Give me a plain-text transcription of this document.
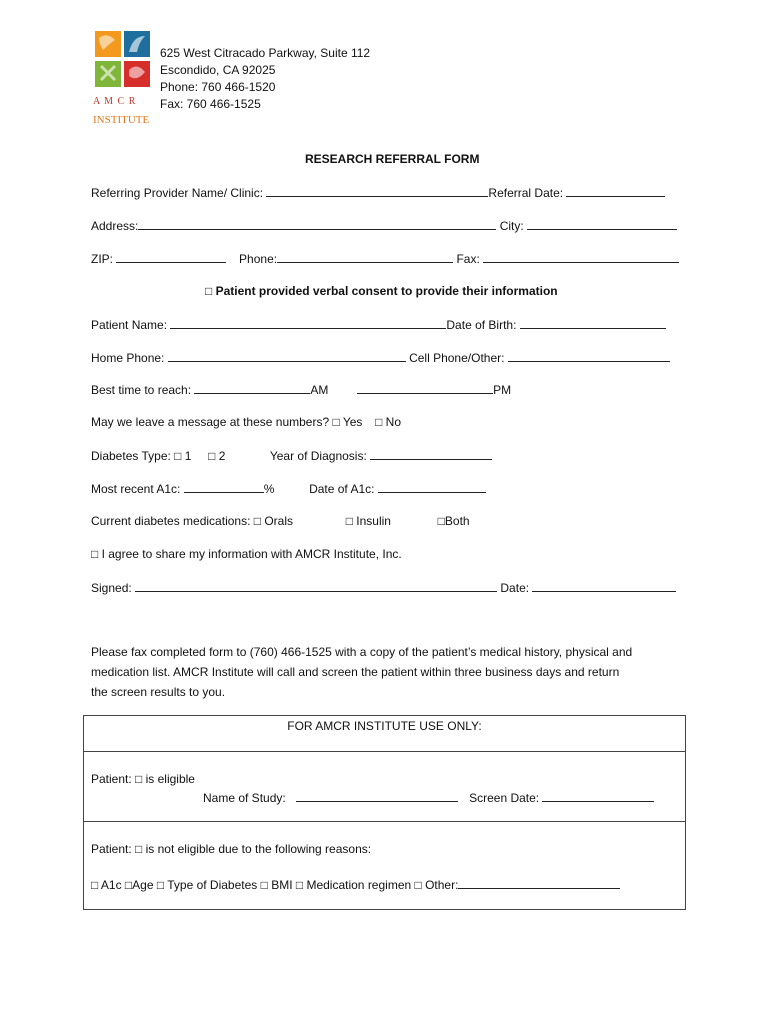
A M C R
INSTITUTE
625 West Citracado Parkway, Suite 112
Escondido, CA 92025
Phone: 760 466-1520
Fax: 760 466-1525
RESEARCH REFERRAL FORM
Referring Provider Name/ Clinic:	Referral Date:
Address:	City:
ZIP:	Phone:	Fax:
□ Patient provided verbal consent to provide their information
Patient Name:	Date of Birth:
Home Phone:	Cell Phone/Other:
Best time to reach:	AM	PM
May we leave a message at these numbers? □ Yes □ No
Diabetes Type: □ 1 □ 2	Year of Diagnosis:
Most recent A1c:	%	Date of A1c:
Current diabetes medications: □ Orals	□ Insulin	□Both
□ I agree to share my information with AMCR Institute, Inc.
Signed:	Date:
Please fax completed form to (760) 466-1525 with a copy of the patient’s medical history, physical and
medication list. AMCR Institute will call and screen the patient within three business days and return
the screen results to you.
FOR AMCR INSTITUTE USE ONLY:
Patient: □ is eligible
Name of Study:	Screen Date:
Patient: □ is not eligible due to the following reasons:
□ A1c □Age □ Type of Diabetes □ BMI □ Medication regimen □ Other:
